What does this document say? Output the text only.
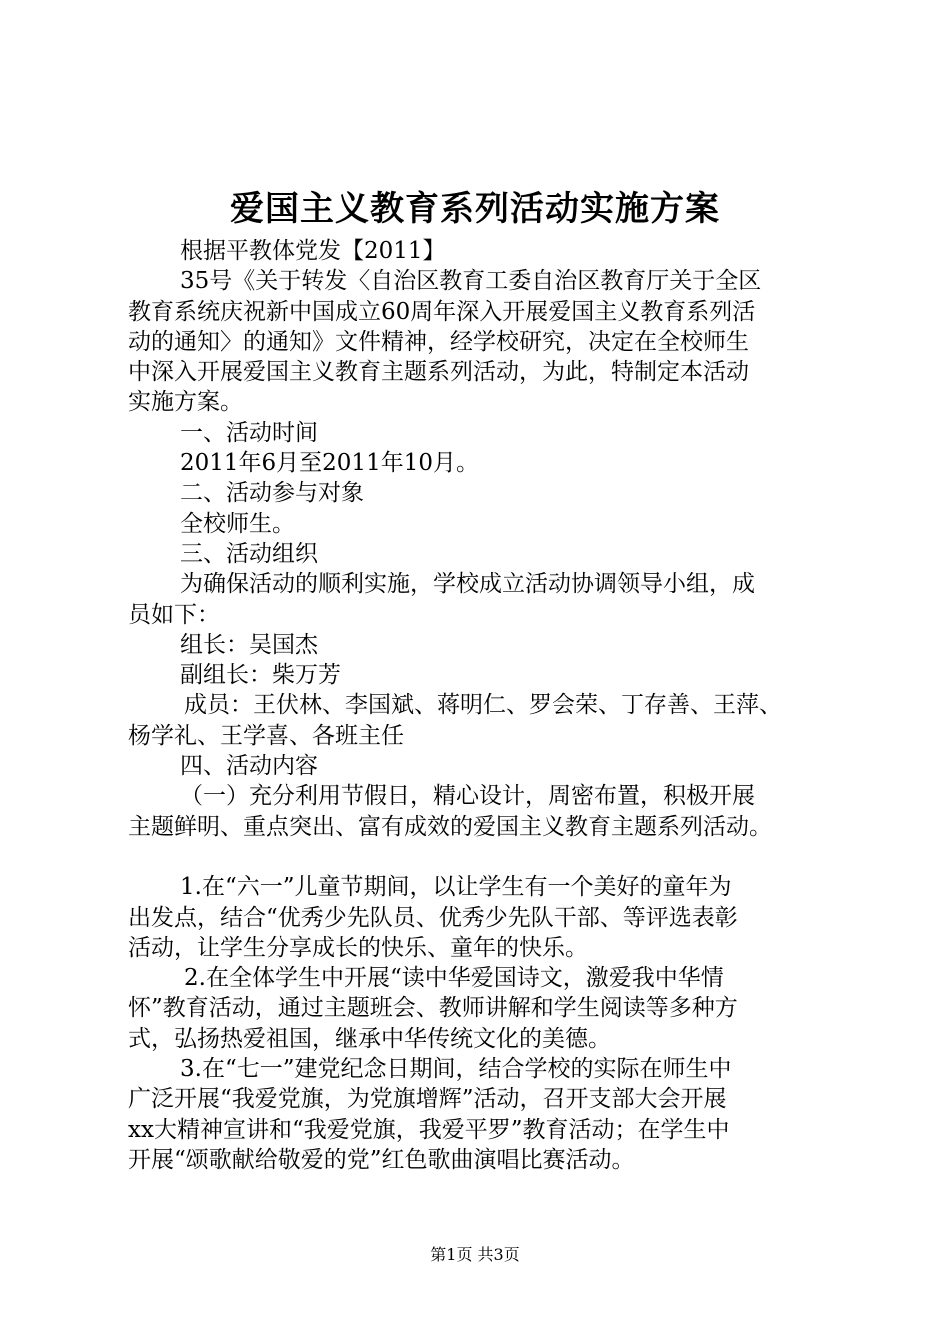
爱国主义教育系列活动实施方案
根据平教体党发【2011】
35号《关于转发〈自治区教育工委自治区教育厅关于全区
教育系统庆祝新中国成立60周年深入开展爱国主义教育系列活
动的通知〉的通知》文件精神，经学校研究，决定在全校师生
中深入开展爱国主义教育主题系列活动，为此，特制定本活动
实施方案。
一、活动时间
2011年6月至2011年10月。
二、活动参与对象
全校师生。
三、活动组织
为确保活动的顺利实施，学校成立活动协调领导小组，成
员如下：
组长：吴国杰
副组长：柴万芳
成员：王伏林、李国斌、蒋明仁、罗会荣、丁存善、王萍、
杨学礼、王学喜、各班主任
四、活动内容
（一）充分利用节假日，精心设计，周密布置，积极开展
主题鲜明、重点突出、富有成效的爱国主义教育主题系列活动。
1.在“六一”儿童节期间，以让学生有一个美好的童年为
出发点，结合“优秀少先队员、优秀少先队干部、等评选表彰
活动，让学生分享成长的快乐、童年的快乐。
2.在全体学生中开展“读中华爱国诗文，激爱我中华情
怀”教育活动，通过主题班会、教师讲解和学生阅读等多种方
式，弘扬热爱祖国，继承中华传统文化的美德。
3.在“七一”建党纪念日期间，结合学校的实际在师生中
广泛开展“我爱党旗，为党旗增辉”活动，召开支部大会开展
xx大精神宣讲和“我爱党旗，我爱平罗”教育活动；在学生中
开展“颂歌献给敬爱的党”红色歌曲演唱比赛活动。
第1页 共3页
